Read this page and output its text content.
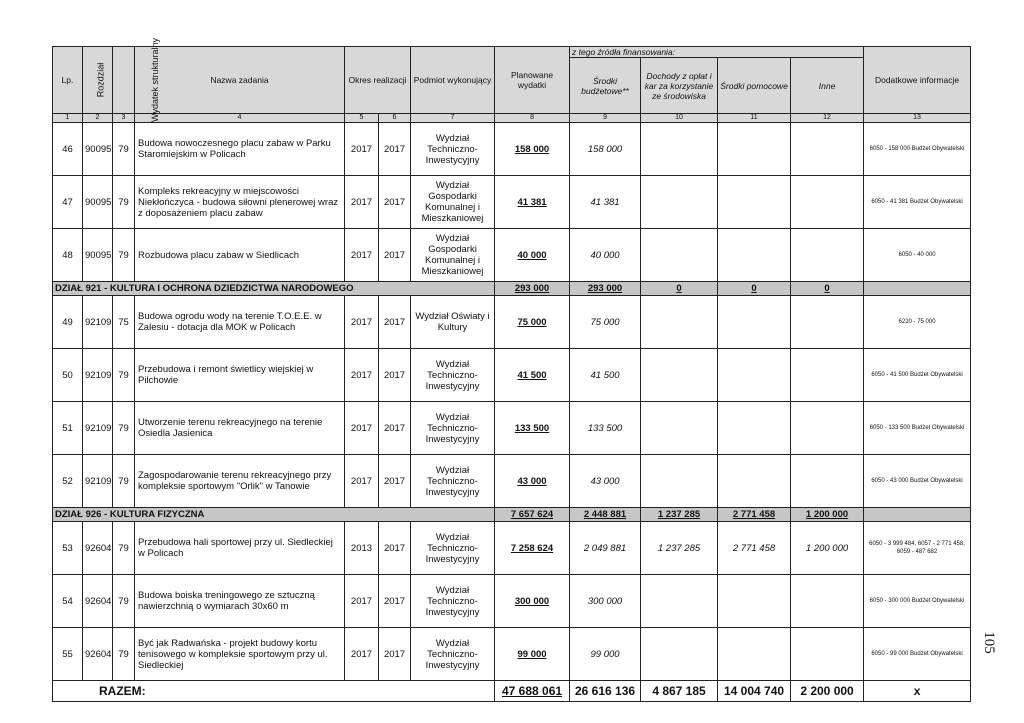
Lp.	Rozdział	Wydatek strukturalny	Nazwa zadania	Okres realizacji		Podmiot wykonujący	Planowane wydatki	z tego źródła finansowania:				Dodatkowe informacje
								Środki budżetowe**	Dochody z opłat i kar za korzystanie ze środowiska	Środki pomocowe	Inne	
1	2	3	4	5	6	7	8	9	10	11	12	13
46	90095	79	Budowa nowoczesnego placu zabaw w Parku Staromiejskim w Policach	2017	2017	Wydział Techniczno-Inwestycyjny	158 000	158 000				6050 - 158 000 Budżet Obywatelski
47	90095	79	Kompleks rekreacyjny w miejscowości Niekłończyca - budowa siłowni plenerowej wraz z doposażeniem placu zabaw	2017	2017	Wydział Gospodarki Komunalnej i Mieszkaniowej	41 381	41 381				6050 - 41 381 Budżet Obywatelski
48	90095	79	Rozbudowa placu zabaw w Siedlicach	2017	2017	Wydział Gospodarki Komunalnej i Mieszkaniowej	40 000	40 000				6050 - 40 000
DZIAŁ 921 - KULTURA I OCHRONA DZIEDZICTWA NARODOWEGO							293 000	293 000	0	0	0	
49	92109	75	Budowa ogrodu wody na terenie T.O.E.E. w Zalesiu - dotacja dla MOK w Policach	2017	2017	Wydział Oświaty i Kultury	75 000	75 000				6220 - 75 000
50	92109	79	Przebudowa i remont świetlicy wiejskiej w Pilchowie	2017	2017	Wydział Techniczno-Inwestycyjny	41 500	41 500				6050 - 41 500 Budżet Obywatelski
51	92109	79	Utworzenie terenu rekreacyjnego na terenie Osiedla Jasienica	2017	2017	Wydział Techniczno-Inwestycyjny	133 500	133 500				6050 - 133 500 Budżet Obywatelski
52	92109	79	Zagospodarowanie terenu rekreacyjnego przy kompleksie sportowym "Orlik" w Tanowie	2017	2017	Wydział Techniczno-Inwestycyjny	43 000	43 000				6050 - 43 000 Budżet Obywatelski
DZIAŁ 926 - KULTURA FIZYCZNA							7 657 624	2 448 881	1 237 285	2 771 458	1 200 000	
53	92604	79	Przebudowa hali sportowej przy ul. Siedleckiej w Policach	2013	2017	Wydział Techniczno-Inwestycyjny	7 258 624	2 049 881	1 237 285	2 771 458	1 200 000	6050 - 3 999 484, 6057 - 2 771 458, 6059 - 487 682
54	92604	79	Budowa boiska treningowego ze sztuczną nawierzchnią o wymiarach 30x60 m	2017	2017	Wydział Techniczno-Inwestycyjny	300 000	300 000				6050 - 300 000 Budżet Obywatelski
55	92604	79	Być jak Radwańska - projekt budowy kortu tenisowego w kompleksie sportowym przy ul. Siedleckiej	2017	2017	Wydział Techniczno-Inwestycyjny	99 000	99 000				6050 - 99 000 Budżet Obywatelski
RAZEM:							47 688 061	26 616 136	4 867 185	14 004 740	2 200 000	x
105
